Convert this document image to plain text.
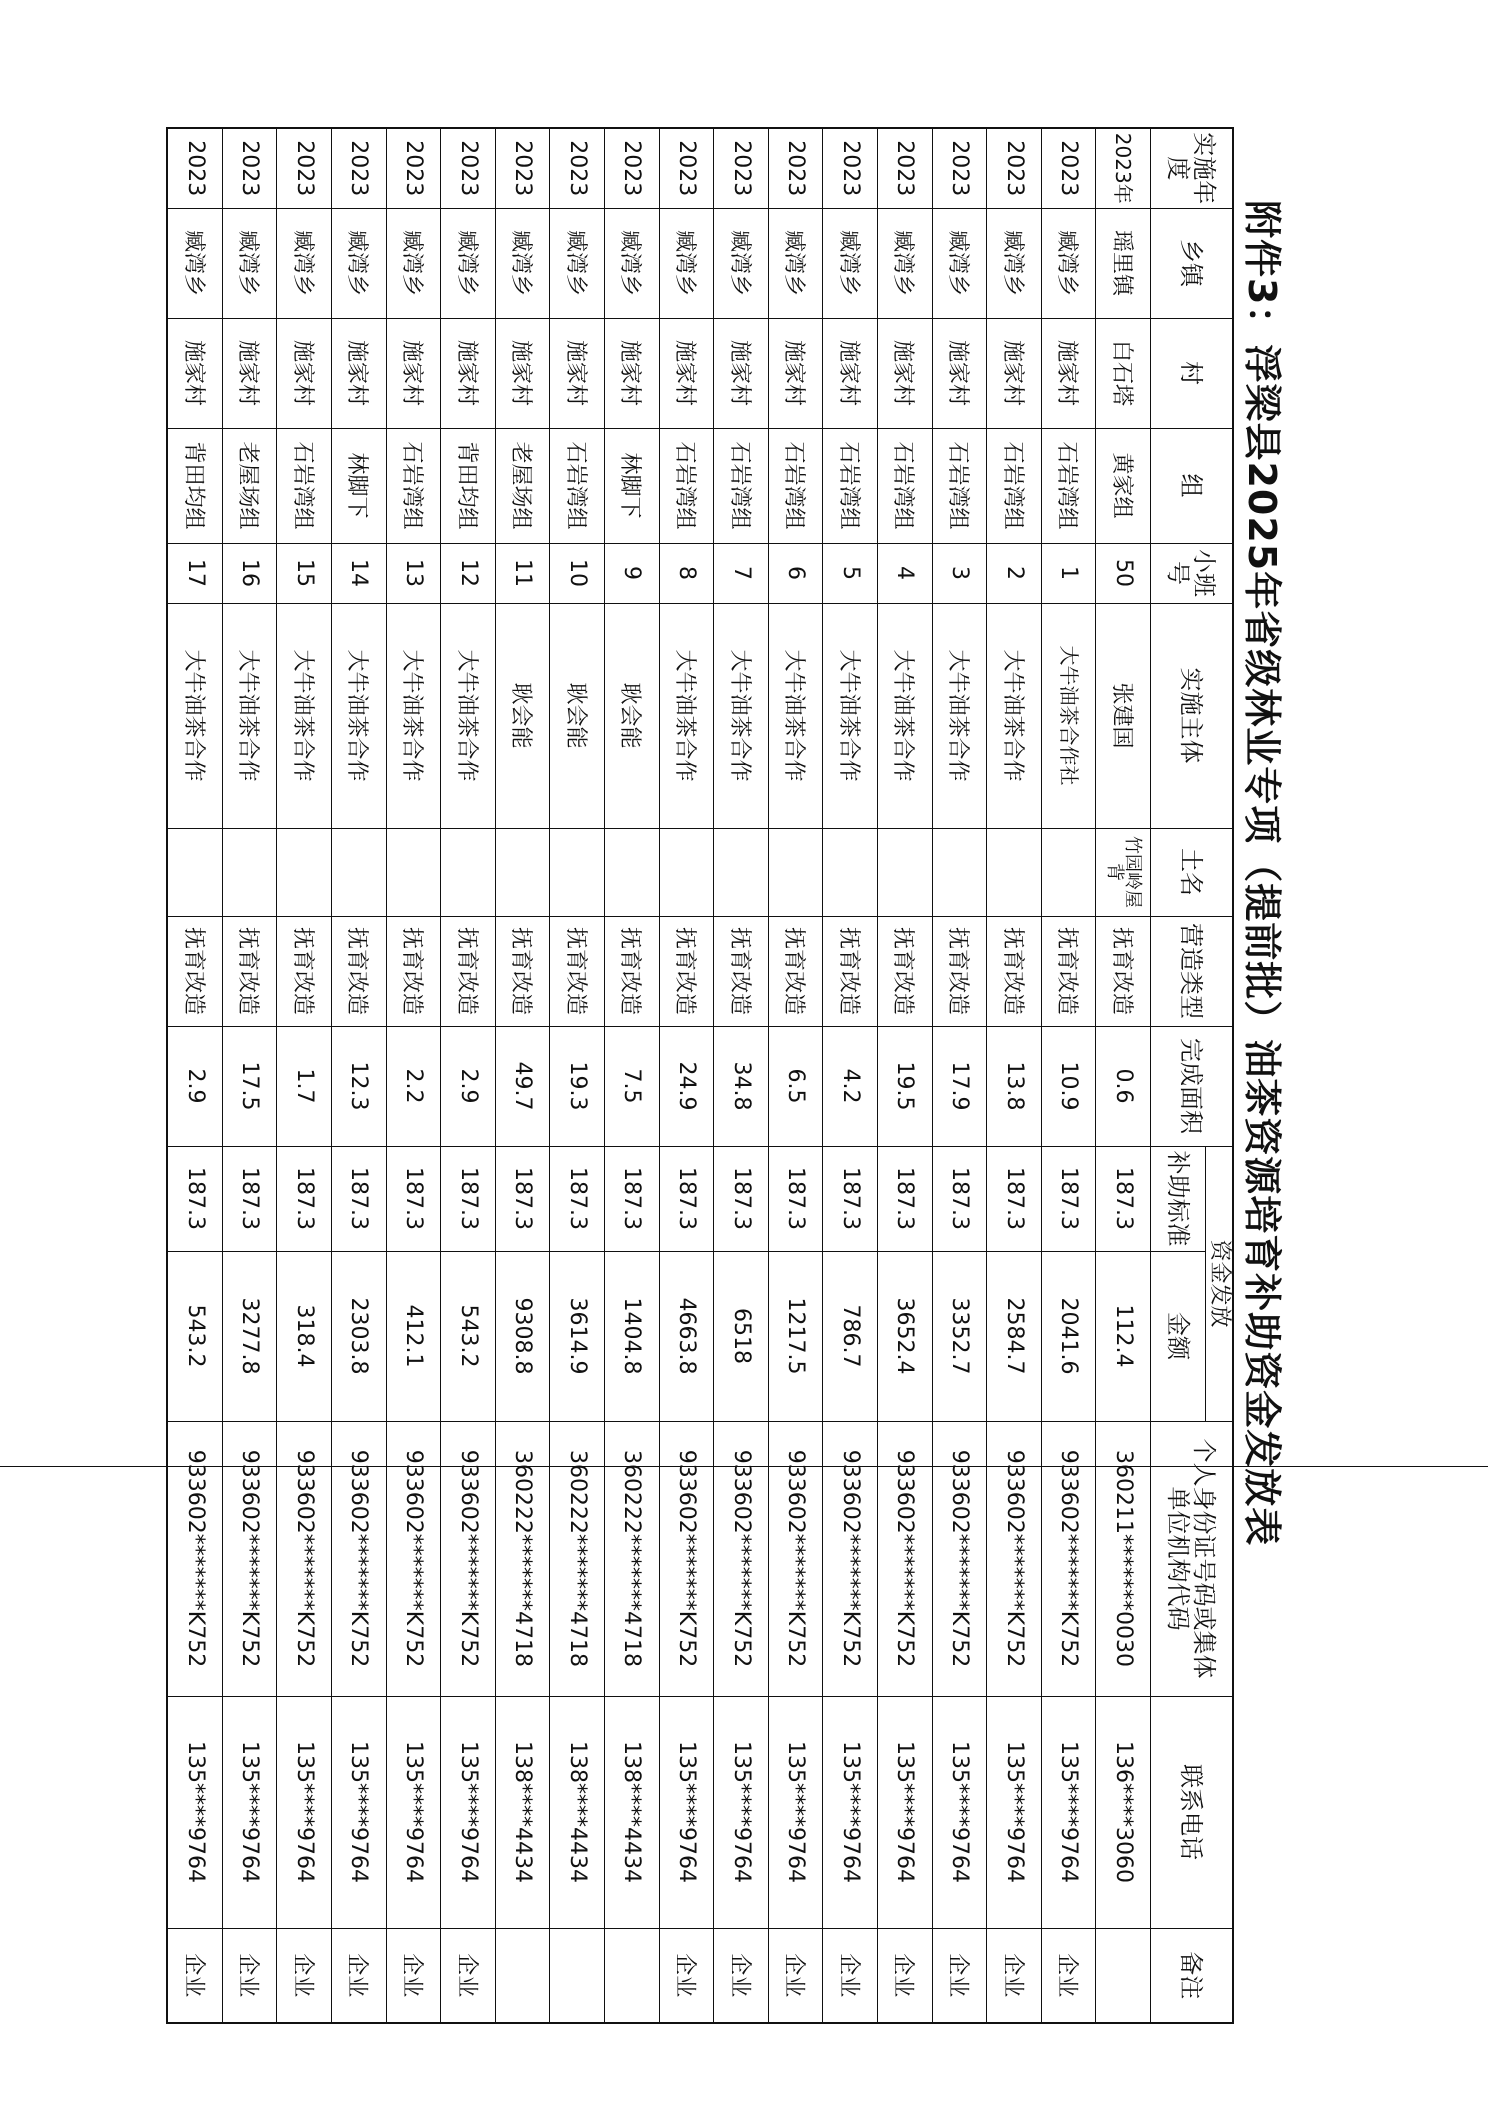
附件3：浮梁县2025年省级林业专项（提前批）油茶资源培育补助资金发放表
实施年度	乡镇	村	组	小班号	实施主体	土名	营造类型	完成面积	资金发放		个人身份证号码或集体单位机构代码	联系电话	备注
									补助标准	金额			
2023年	瑶里镇	白石塔	黄家组	50	张建国	竹园岭屋背	抚育改造	0.6	187.3	112.4	360211*******0030	136****3060	
2023	臧湾乡	施家村	石岩湾组	1	大牛油茶合作社		抚育改造	10.9	187.3	2041.6	933602*******K752	135****9764	企业
2023	臧湾乡	施家村	石岩湾组	2	大牛油茶合作		抚育改造	13.8	187.3	2584.7	933602*******K752	135****9764	企业
2023	臧湾乡	施家村	石岩湾组	3	大牛油茶合作		抚育改造	17.9	187.3	3352.7	933602*******K752	135****9764	企业
2023	臧湾乡	施家村	石岩湾组	4	大牛油茶合作		抚育改造	19.5	187.3	3652.4	933602*******K752	135****9764	企业
2023	臧湾乡	施家村	石岩湾组	5	大牛油茶合作		抚育改造	4.2	187.3	786.7	933602*******K752	135****9764	企业
2023	臧湾乡	施家村	石岩湾组	6	大牛油茶合作		抚育改造	6.5	187.3	1217.5	933602*******K752	135****9764	企业
2023	臧湾乡	施家村	石岩湾组	7	大牛油茶合作		抚育改造	34.8	187.3	6518	933602*******K752	135****9764	企业
2023	臧湾乡	施家村	石岩湾组	8	大牛油茶合作		抚育改造	24.9	187.3	4663.8	933602*******K752	135****9764	企业
2023	臧湾乡	施家村	林脚下	9	耿会能		抚育改造	7.5	187.3	1404.8	360222*******4718	138****4434	
2023	臧湾乡	施家村	石岩湾组	10	耿会能		抚育改造	19.3	187.3	3614.9	360222*******4718	138****4434	
2023	臧湾乡	施家村	老屋场组	11	耿会能		抚育改造	49.7	187.3	9308.8	360222*******4718	138****4434	
2023	臧湾乡	施家村	背田均组	12	大牛油茶合作		抚育改造	2.9	187.3	543.2	933602*******K752	135****9764	企业
2023	臧湾乡	施家村	石岩湾组	13	大牛油茶合作		抚育改造	2.2	187.3	412.1	933602*******K752	135****9764	企业
2023	臧湾乡	施家村	林脚下	14	大牛油茶合作		抚育改造	12.3	187.3	2303.8	933602*******K752	135****9764	企业
2023	臧湾乡	施家村	石岩湾组	15	大牛油茶合作		抚育改造	1.7	187.3	318.4	933602*******K752	135****9764	企业
2023	臧湾乡	施家村	老屋场组	16	大牛油茶合作		抚育改造	17.5	187.3	3277.8	933602*******K752	135****9764	企业
2023	臧湾乡	施家村	背田均组	17	大牛油茶合作		抚育改造	2.9	187.3	543.2	933602*******K752	135****9764	企业
